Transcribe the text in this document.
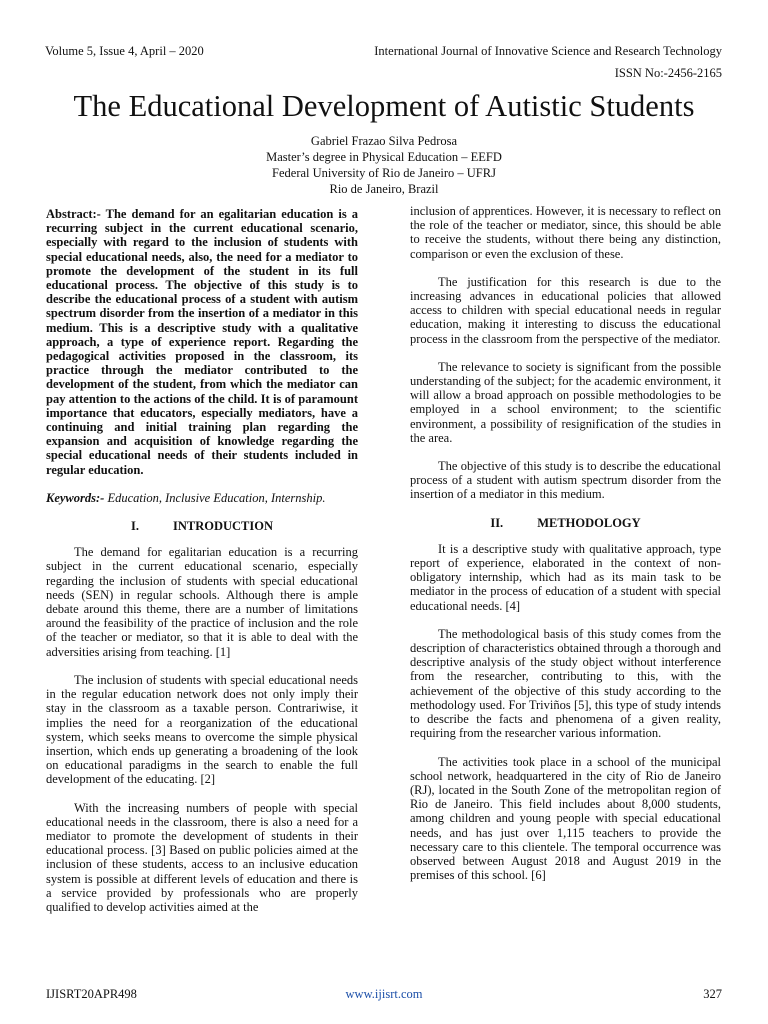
Volume 5, Issue 4, April – 2020	International Journal of Innovative Science and Research Technology
ISSN No:-2456-2165
The Educational Development of Autistic Students
Gabriel Frazao Silva Pedrosa
Master’s degree in Physical Education – EEFD
Federal University of Rio de Janeiro – UFRJ
Rio de Janeiro, Brazil

Abstract:- The demand for an egalitarian education is a recurring subject in the current educational scenario, especially with regard to the inclusion of students with special educational needs, also, the need for a mediator to promote the development of the student in its full educational process. The objective of this study is to describe the educational process of a student with autism spectrum disorder from the insertion of a mediator in this medium. This is a descriptive study with a qualitative approach, a type of experience report. Regarding the pedagogical activities proposed in the classroom, its practice through the mediator contributed to the development of the student, from which the mediator can pay attention to the actions of the child. It is of paramount importance that educators, especially mediators, have a continuing and initial training plan regarding the expansion and acquisition of knowledge regarding the special educational needs of their students included in regular education.

Keywords:- Education, Inclusive Education, Internship.

I.	INTRODUCTION

The demand for egalitarian education is a recurring subject in the current educational scenario, especially regarding the inclusion of students with special educational needs (SEN) in regular schools. Although there is ample debate around this theme, there are a number of limitations around the feasibility of the practice of inclusion and the role of the teacher or mediator, so that it is able to deal with the adversities arising from teaching. [1]

The inclusion of students with special educational needs in the regular education network does not only imply their stay in the classroom as a taxable person. Contrariwise, it implies the need for a reorganization of the educational system, which seeks means to overcome the simple physical insertion, which ends up generating a broadening of the look on educational paradigms in the search to enable the full development of the educating. [2]

With the increasing numbers of people with special educational needs in the classroom, there is also a need for a mediator to promote the development of students in their educational process. [3] Based on public policies aimed at the inclusion of these students, access to an inclusive education system is possible at different levels of education and there is a service provided by professionals who are properly qualified to develop activities aimed at the

inclusion of apprentices. However, it is necessary to reflect on the role of the teacher or mediator, since, this should be able to receive the students, without there being any distinction, comparison or even the exclusion of these.

The justification for this research is due to the increasing advances in educational policies that allowed access to children with special educational needs in regular education, making it interesting to discuss the educational process in the classroom from the perspective of the mediator.

The relevance to society is significant from the possible understanding of the subject; for the academic environment, it will allow a broad approach on possible methodologies to be employed in a school environment; to the scientific environment, a possibility of resignification of the studies in the area.

The objective of this study is to describe the educational process of a student with autism spectrum disorder from the insertion of a mediator in this medium.

II.	METHODOLOGY

It is a descriptive study with qualitative approach, type report of experience, elaborated in the context of non-obligatory internship, which had as its main task to be mediator in the process of education of a student with special educational needs. [4]

The methodological basis of this study comes from the description of characteristics obtained through a thorough and descriptive analysis of the study object without interference from the researcher, contributing to this, with the achievement of the objective of this study according to the methodology used. For Triviños [5], this type of study intends to describe the facts and phenomena of a given reality, requiring from the researcher various information.

The activities took place in a school of the municipal school network, headquartered in the city of Rio de Janeiro (RJ), located in the South Zone of the metropolitan region of Rio de Janeiro. This field includes about 8,000 students, among children and young people with special educational needs, and has just over 1,115 teachers to provide the necessary care to this clientele. The temporal occurrence was observed between August 2018 and August 2019 in the premises of this school. [6]

IJISRT20APR498	www.ijisrt.com	327
